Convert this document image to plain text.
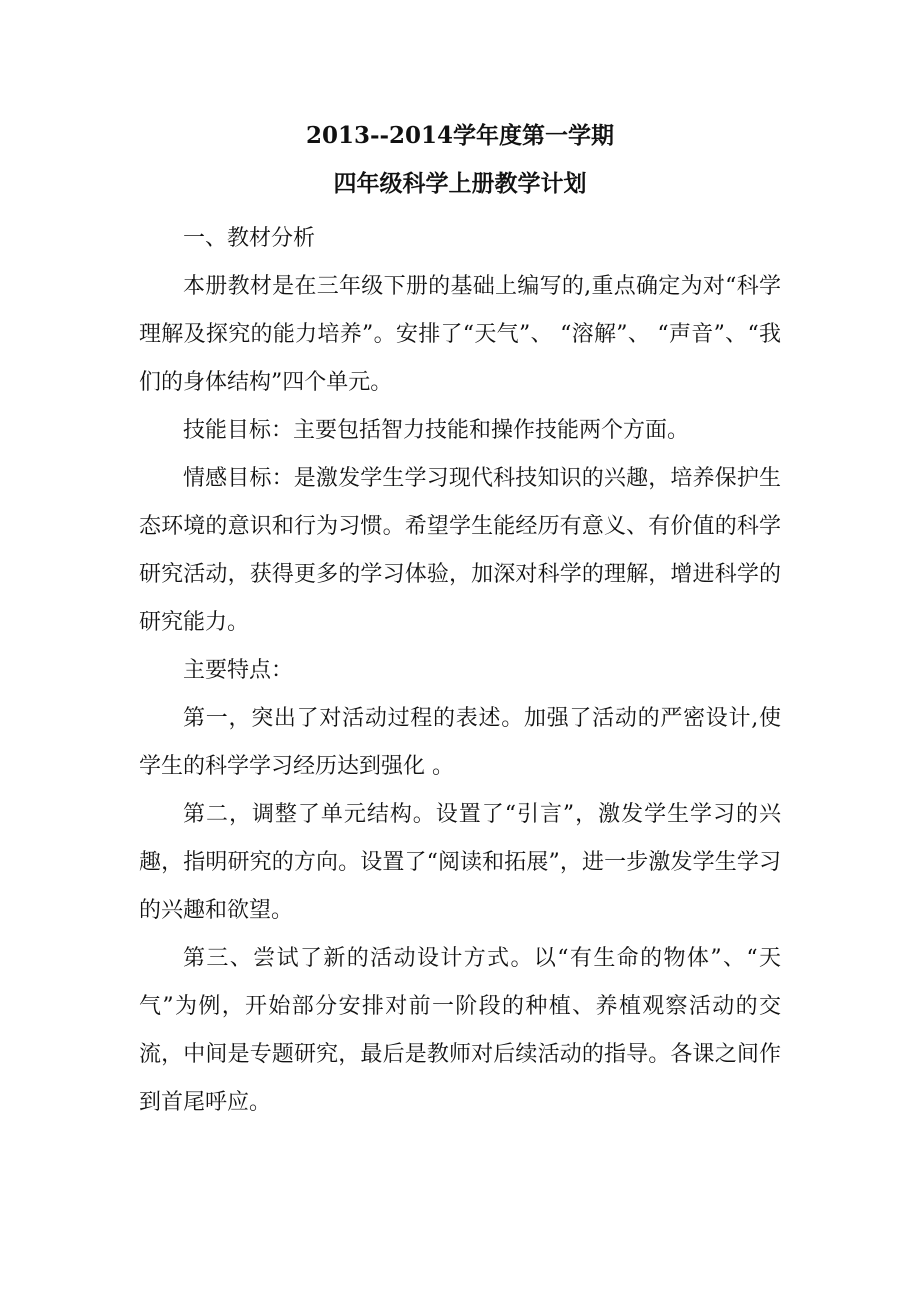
2013--2014学年度第一学期
四年级科学上册教学计划

一、教材分析

本册教材是在三年级下册的基础上编写的,重点确定为对“科学理解及探究的能力培养”。安排了“天气”、 “溶解”、 “声音”、“我们的身体结构”四个单元。

技能目标：主要包括智力技能和操作技能两个方面。

情感目标：是激发学生学习现代科技知识的兴趣，培养保护生态环境的意识和行为习惯。希望学生能经历有意义、有价值的科学研究活动，获得更多的学习体验，加深对科学的理解，增进科学的研究能力。

主要特点：

第一，突出了对活动过程的表述。加强了活动的严密设计,使学生的科学学习经历达到强化 。

第二，调整了单元结构。设置了“引言”，激发学生学习的兴趣，指明研究的方向。设置了“阅读和拓展”，进一步激发学生学习的兴趣和欲望。

第三、尝试了新的活动设计方式。以“有生命的物体”、“天气”为例，开始部分安排对前一阶段的种植、养植观察活动的交流，中间是专题研究，最后是教师对后续活动的指导。各课之间作到首尾呼应。
